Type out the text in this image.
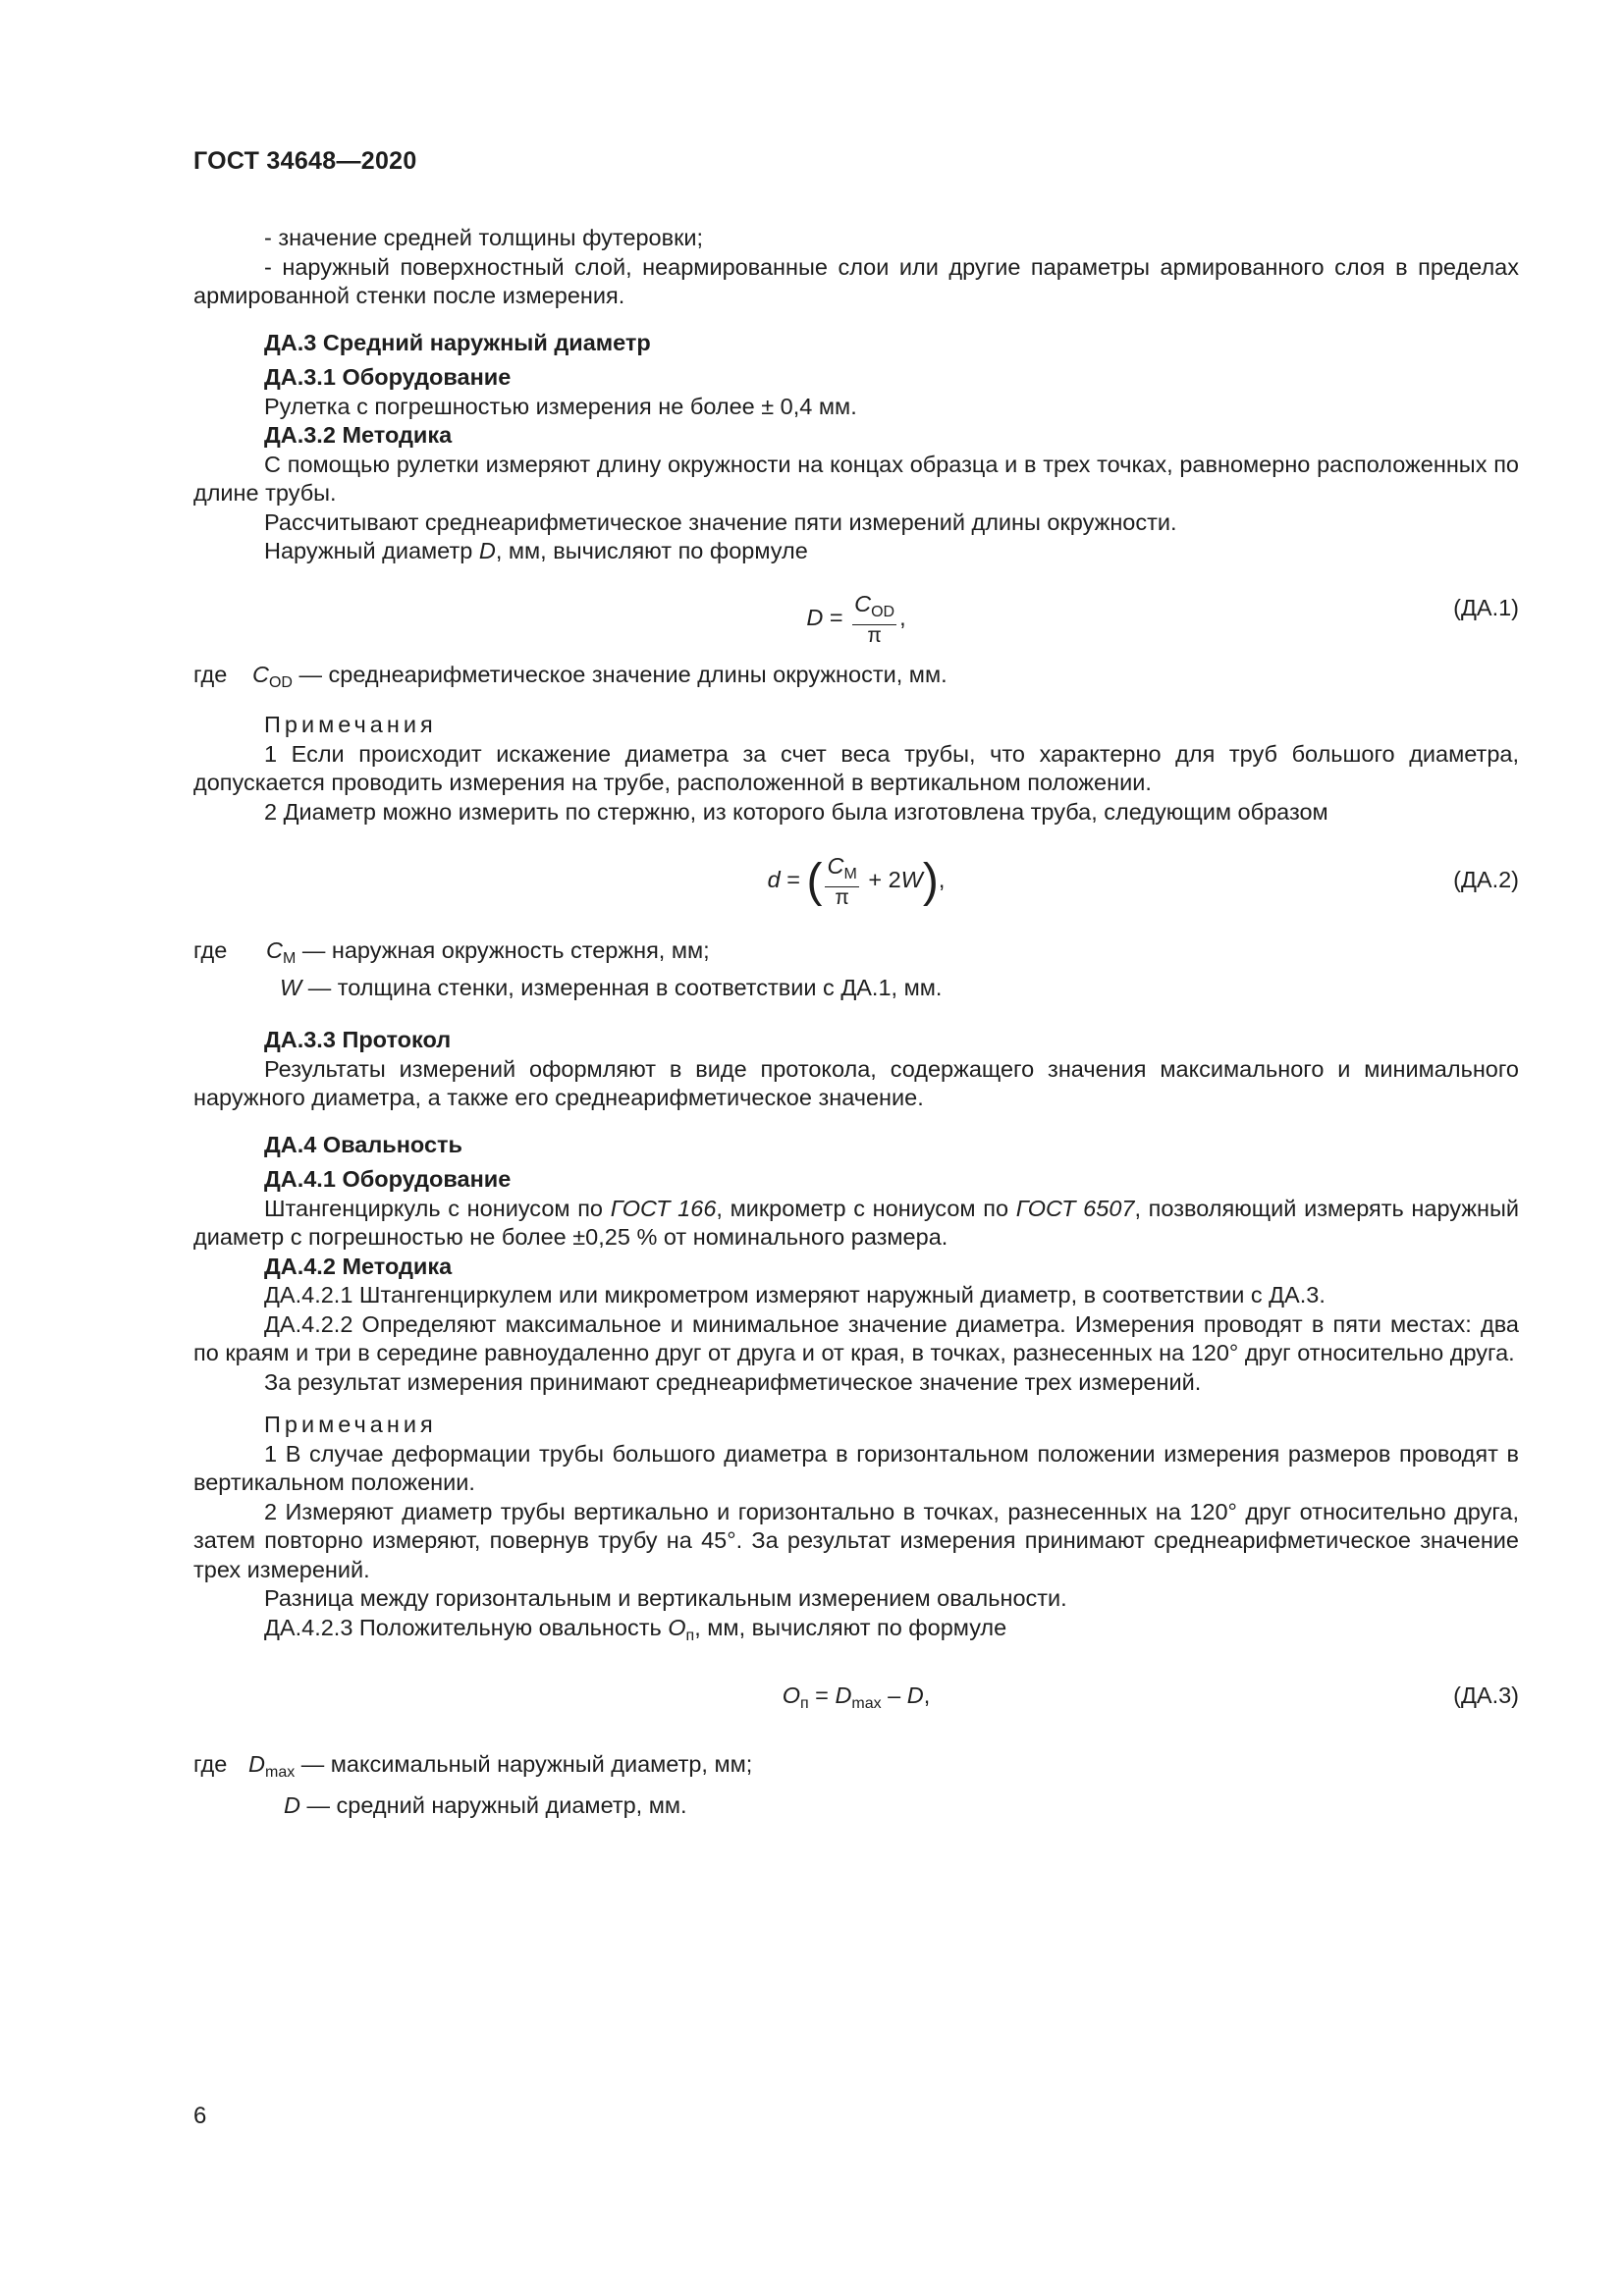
ГОСТ 34648—2020

- значение средней толщины футеровки;

- наружный поверхностный слой, неармированные слои или другие параметры армированного слоя в пределах армированной стенки после измерения.

ДА.3 Средний наружный диаметр

ДА.3.1 Оборудование

Рулетка с погрешностью измерения не более ± 0,4 мм.

ДА.3.2 Методика

С помощью рулетки измеряют длину окружности на концах образца и в трех точках, равномерно расположенных по длине трубы.

Рассчитывают среднеарифметическое значение пяти измерений длины окружности.

Наружный диаметр D, мм, вычисляют по формуле

$D = \frac{C_{OD}}{\pi}$ ,	(ДА.1)

где $C_{OD}$ — среднеарифметическое значение длины окружности, мм.

Примечания

1 Если происходит искажение диаметра за счет веса трубы, что характерно для труб большого диаметра, допускается проводить измерения на трубе, расположенной в вертикальном положении.

2 Диаметр можно измерить по стержню, из которого была изготовлена труба, следующим образом

d = ( $\frac{C_M}{\pi} + 2W$),	(ДА.2)

где $C_M$ — наружная окружность стержня, мм;

W — толщина стенки, измеренная в соответствии с ДА.1, мм.

ДА.3.3 Протокол

Результаты измерений оформляют в виде протокола, содержащего значения максимального и минимального наружного диаметра, а также его среднеарифметическое значение.

ДА.4 Овальность

ДА.4.1 Оборудование

Штангенциркуль с нониусом по ГОСТ 166, микрометр с нониусом по ГОСТ 6507, позволяющий измерять наружный диаметр с погрешностью не более ±0,25 % от номинального размера.

ДА.4.2 Методика

ДА.4.2.1 Штангенциркулем или микрометром измеряют наружный диаметр, в соответствии с ДА.3.

ДА.4.2.2 Определяют максимальное и минимальное значение диаметра. Измерения проводят в пяти местах: два по краям и три в середине равноудаленно друг от друга и от края, в точках, разнесенных на 120° друг относительно друга.

За результат измерения принимают среднеарифметическое значение трех измерений.

Примечания

1 В случае деформации трубы большого диаметра в горизонтальном положении измерения размеров проводят в вертикальном положении.

2 Измеряют диаметр трубы вертикально и горизонтально в точках, разнесенных на 120° друг относительно друга, затем повторно измеряют, повернув трубу на 45°. За результат измерения принимают среднеарифметическое значение трех измерений.

Разница между горизонтальным и вертикальным измерением овальности.

ДА.4.2.3 Положительную овальность $O_п$, мм, вычисляют по формуле

$O_п = D_{max} - D$,	(ДА.3)

где $D_{max}$ — максимальный наружный диаметр, мм;

D — средний наружный диаметр, мм.

6
